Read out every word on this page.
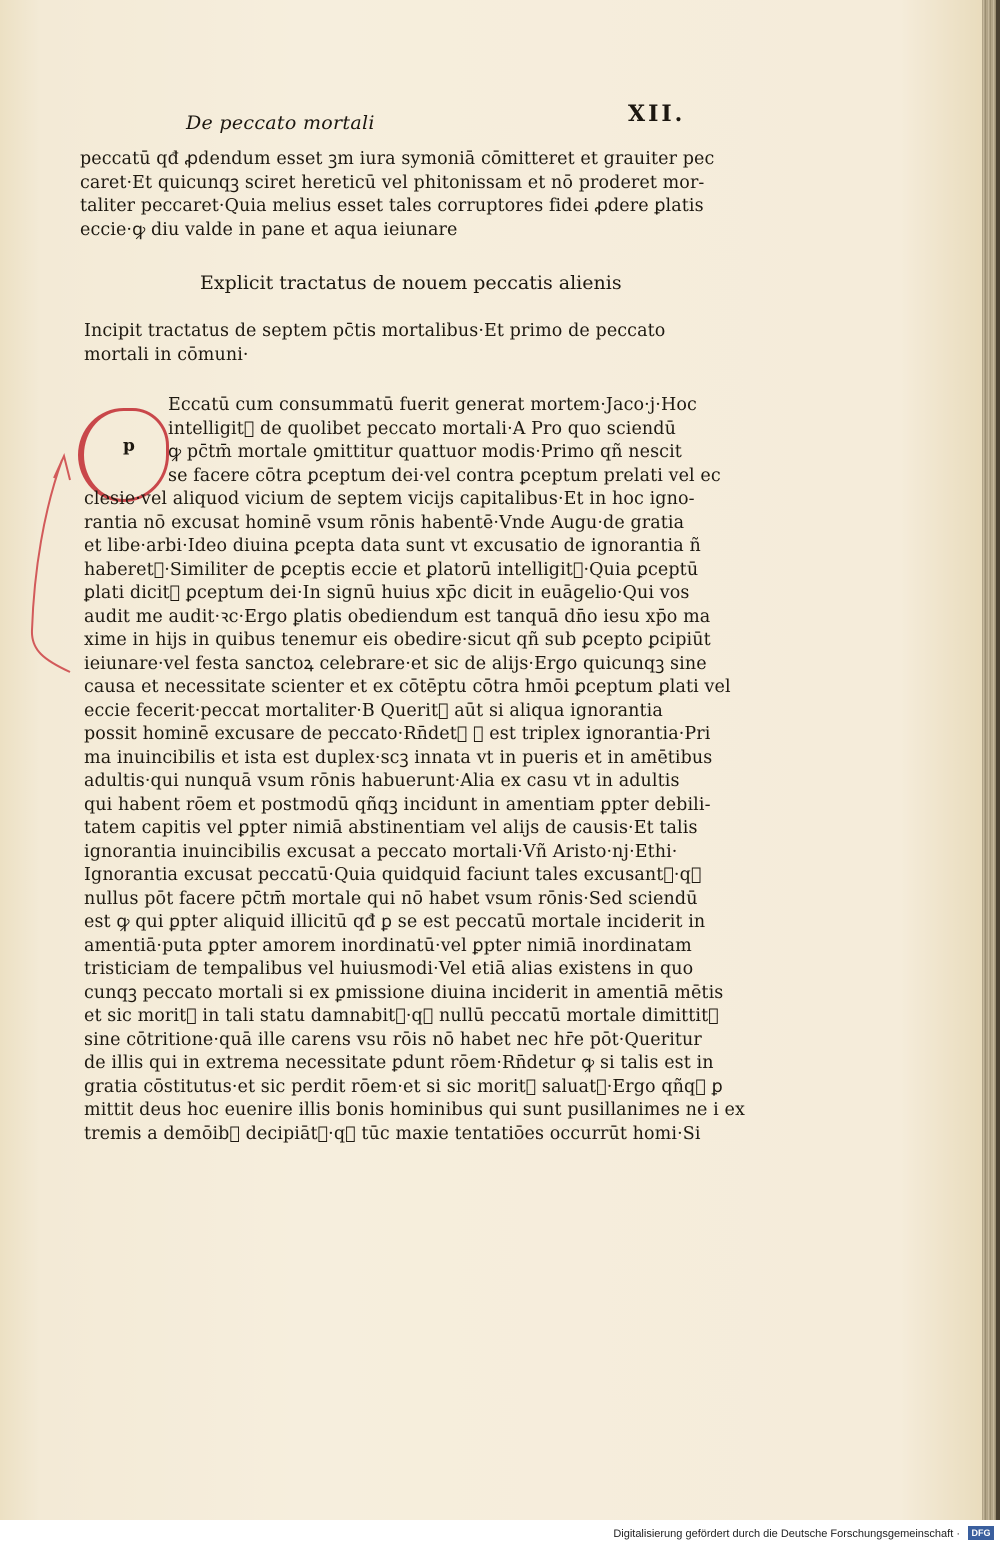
De peccato mortali	XII.
peccatū qđ ꝓdendum esset ꝫm iura symoniā cōmitteret et grauiter pec
caret·Et quicunqꝫ sciret hereticū vel phitonissam et nō proderet mor-
taliter peccaret·Quia melius esset tales corruptores fidei ꝓdere ꝑlatis
eccie·ꝙ diu valde in pane et aqua ieiunare
Explicit tractatus de nouem peccatis alienis
Incipit tractatus de septem pc̄tis mortalibus·Et primo de peccato
mortali in cōmuni·
p
Eccatū cum consummatū fuerit generat mortem·Jaco·j·Hoc
intelligit᷑ de quolibet peccato mortali·A Pro quo sciendū
ꝙ pc̄tm̄ mortale ꝯmittitur quattuor modis·Primo qñ nescit
se facere cōtra ꝑceptum dei·vel contra ꝑceptum prelati vel ec
clesie·vel aliquod vicium de septem vicijs capitalibus·Et in hoc igno-
rantia nō excusat hominē vsum rōnis habentē·Vnde Augu·de gratia
et libe·arbi·Ideo diuina ꝑcepta data sunt vt excusatio de ignorantia ñ
haberet᷑·Similiter de ꝑceptis eccie et ꝑlatorū intelligit᷑·Quia ꝑceptū
ꝑlati dicit᷑ ꝑceptum dei·In signū huius xp̄c dicit in euāgelio·Qui vos
audit me audit·ꝛc·Ergo ꝑlatis obediendum est tanquā dn̄o iesu xp̄o ma
xime in hijs in quibus tenemur eis obedire·sicut qñ sub ꝑcepto ꝑcipiūt
ieiunare·vel festa sanctoꝝ celebrare·et sic de alijs·Ergo quicunqꝫ sine
causa et necessitate scienter et ex cōtēptu cōtra hmōi ꝑceptum ꝑlati vel
eccie fecerit·peccat mortaliter·B Querit᷑ aūt si aliqua ignorantia
possit hominē excusare de peccato·Rn̄det᷑ ꝙ est triplex ignorantia·Pri
ma inuincibilis et ista est duplex·scꝫ innata vt in pueris et in amētibus
adultis·qui nunquā vsum rōnis habuerunt·Alia ex casu vt in adultis
qui habent rōem et postmodū qñqꝫ incidunt in amentiam ꝑpter debili-
tatem capitis vel ꝑpter nimiā abstinentiam vel alijs de causis·Et talis
ignorantia inuincibilis excusat a peccato mortali·Vñ Aristo·nj·Ethi·
Ignorantia excusat peccatū·Quia quidquid faciunt tales excusant᷑·qꝛ
nullus pōt facere pc̄tm̄ mortale qui nō habet vsum rōnis·Sed sciendū
est ꝙ qui ꝑpter aliquid illicitū qđ ꝑ se est peccatū mortale inciderit in
amentiā·puta ꝑpter amorem inordinatū·vel ꝑpter nimiā inordinatam
tristiciam de tempalibus vel huiusmodi·Vel etiā alias existens in quo
cunqꝫ peccato mortali si ex ꝑmissione diuina inciderit in amentiā mētis
et sic morit᷑ in tali statu damnabit᷑·qꝛ nullū peccatū mortale dimittit᷑
sine cōtritione·quā ille carens vsu rōis nō habet nec hr̄e pōt·Queritur
de illis qui in extrema necessitate ꝑdunt rōem·Rn̄detur ꝙ si talis est in
gratia cōstitutus·et sic perdit rōem·et si sic morit᷑ saluat᷑·Ergo qñqꝫ ꝑ
mittit deus hoc euenire illis bonis hominibus qui sunt pusillanimes ne i ex
tremis a demōib᷒ decipiāt᷑·qꝛ tūc maxie tentatiōes occurrūt homi·Si
Digitalisierung gefördert durch die Deutsche Forschungsgemeinschaft ·	DFG
